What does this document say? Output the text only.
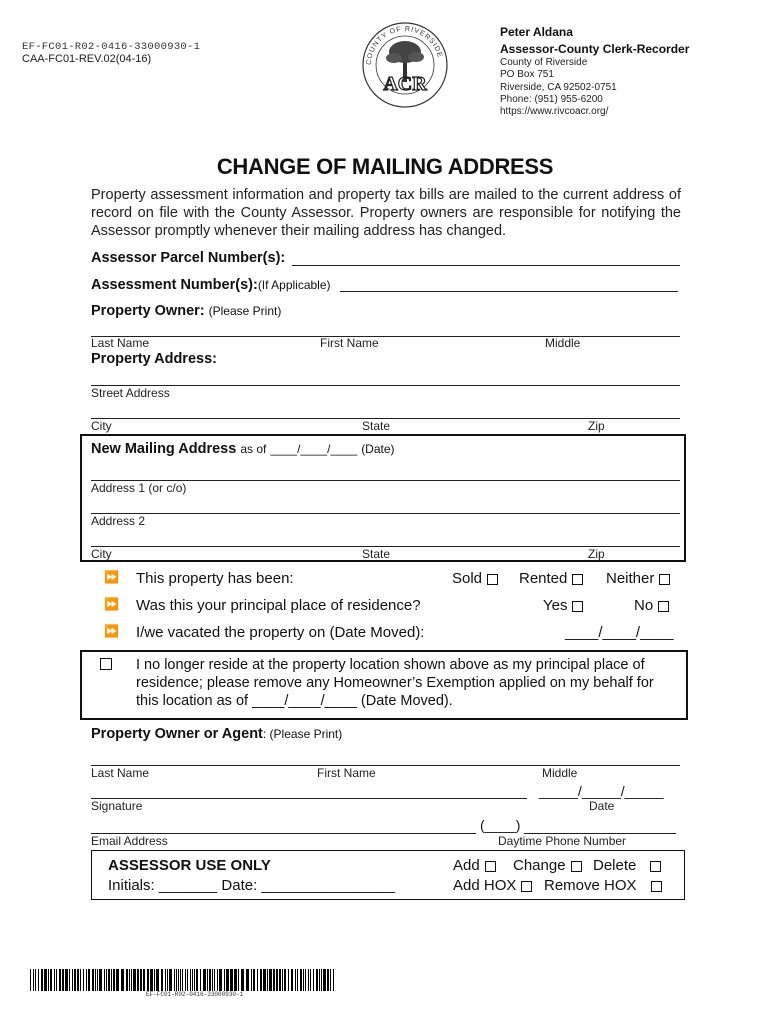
EF-FC01-R02-0416-33000930-1
CAA-FC01-REV.02(04-16)	COUNTY OF RIVERSIDE
ACR
Peter Aldana
Assessor-County Clerk-Recorder
County of Riverside
PO Box 751
Riverside, CA 92502-0751
Phone: (951) 955-6200
https://www.rivcoacr.org/
CHANGE OF MAILING ADDRESS
Property assessment information and property tax bills are mailed to the current address of record on file with the County Assessor. Property owners are responsible for notifying the Assessor promptly whenever their mailing address has changed.
Assessor Parcel Number(s):
Assessment Number(s):(If Applicable)
Property Owner: (Please Print)
Last Name	First Name	Middle
Property Address:
Street Address
City	State	Zip
New Mailing Address as of ____/____/____ (Date)
Address 1 (or c/o)
Address 2
City	State	Zip
⏩ This property has been:	Sold	Rented	Neither
⏩ Was this your principal place of residence?	Yes	No
⏩ I/we vacated the property on (Date Moved):	____/____/____
I no longer reside at the property location shown above as my principal place of
residence; please remove any Homeowner’s Exemption applied on my behalf for
this location as of ____/____/____ (Date Moved).
Property Owner or Agent: (Please Print)
Last Name	First Name	Middle
Signature
_____/_____/_____
Date
Email Address
(____)
Daytime Phone Number
ASSESSOR USE ONLY
Initials: _______ Date: ________________
Add	Change	Delete
Add HOX	Remove HOX
EF-FC01-R02-0416-33000930-1
